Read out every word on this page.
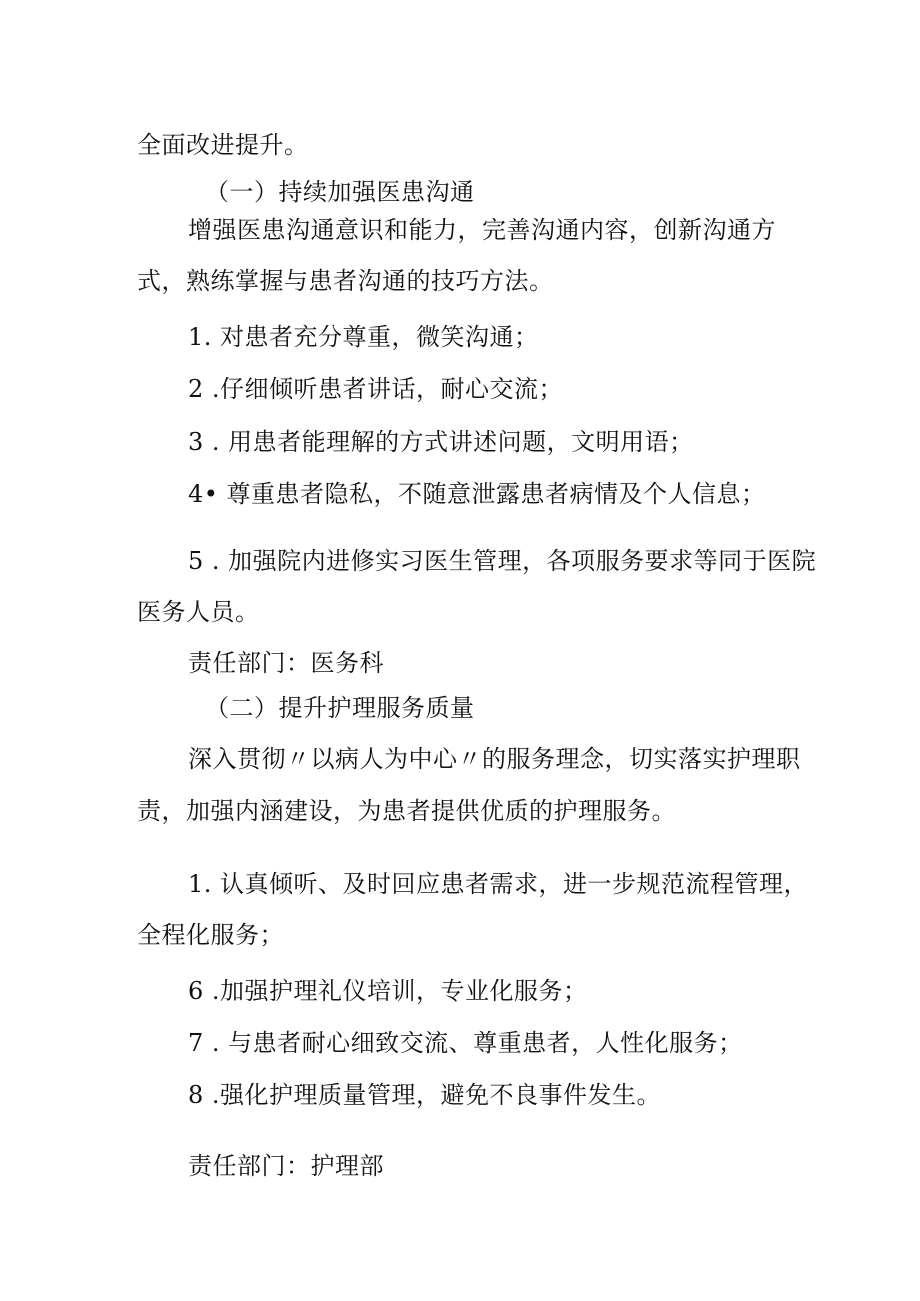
全面改进提升。
（一）持续加强医患沟通
增强医患沟通意识和能力，完善沟通内容，创新沟通方
式，熟练掌握与患者沟通的技巧方法。
1. 对患者充分尊重，微笑沟通；
2 .仔细倾听患者讲话，耐心交流；
3 . 用患者能理解的方式讲述问题，文明用语；
4• 尊重患者隐私，不随意泄露患者病情及个人信息；
5 . 加强院内进修实习医生管理，各项服务要求等同于医院
医务人员。
责任部门：医务科
（二）提升护理服务质量
深入贯彻〃以病人为中心〃的服务理念，切实落实护理职
责，加强内涵建设，为患者提供优质的护理服务。
1. 认真倾听、及时回应患者需求，进一步规范流程管理，
全程化服务；
6 .加强护理礼仪培训，专业化服务；
7 . 与患者耐心细致交流、尊重患者，人性化服务；
8 .强化护理质量管理，避免不良事件发生。
责任部门：护理部
